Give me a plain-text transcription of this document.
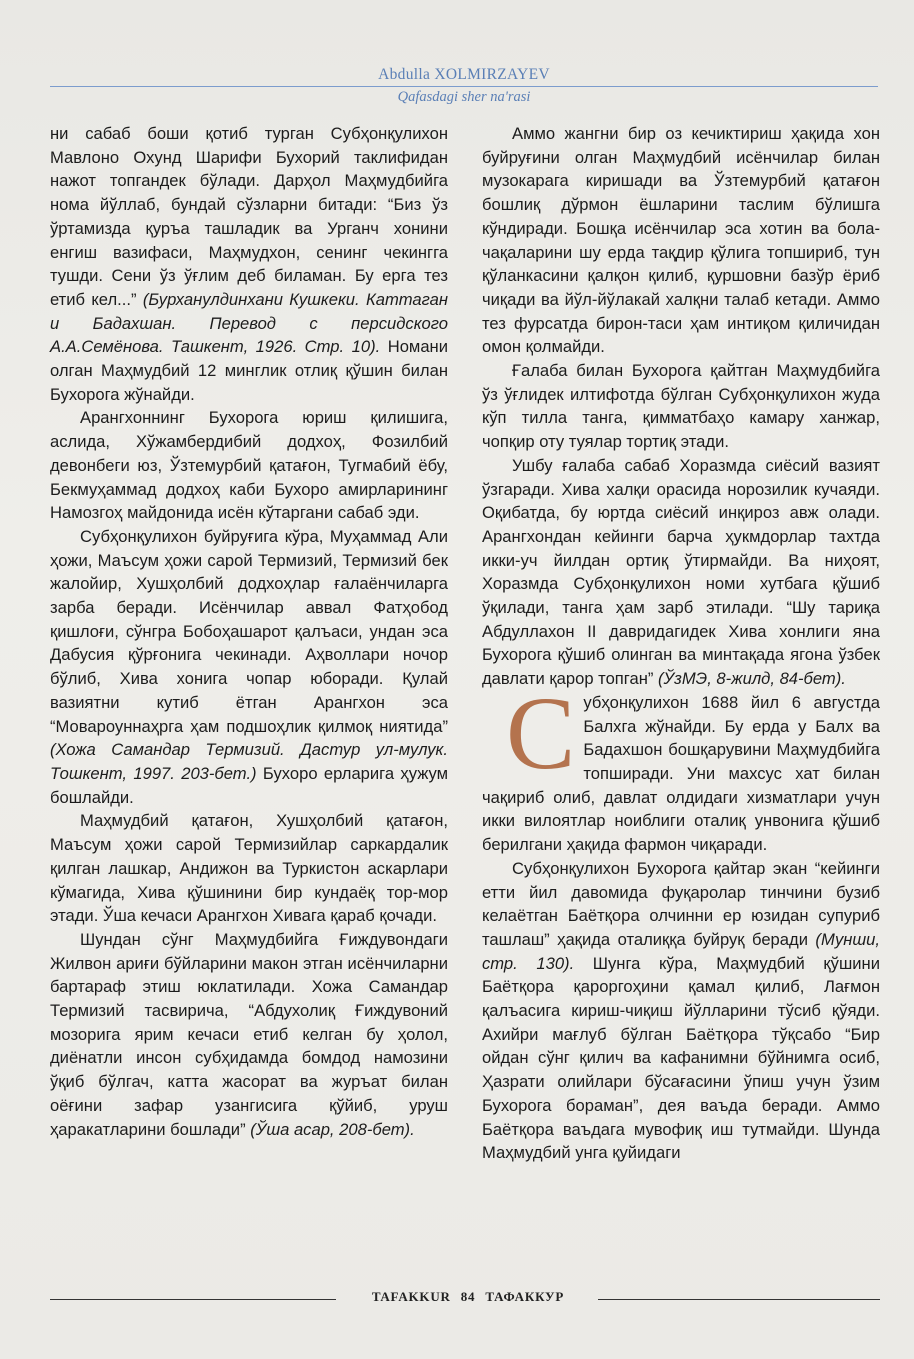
Abdulla XOLMIRZAYEV
Qafasdagi sher na'rasi

ни сабаб боши қотиб турган Субҳонқулихон Мавлоно Охунд Шарифи Бухорий таклифидан нажот топгандек бўлади. Дарҳол Маҳмудбийга нома йўллаб, бундай сўзларни битади: “Биз ўз ўртамизда қуръа ташладик ва Урганч хонини енгиш вазифаси, Маҳмудхон, сенинг чекингга тушди. Сени ўз ўғлим деб биламан. Бу ерга тез етиб кел...” (Бурханулдинхани Кушкеки. Каттаган и Бадахшан. Перевод с персидского А.А.Семёнова. Ташкент, 1926. Стр. 10). Номани олган Маҳмудбий 12 минглик отлиқ қўшин билан Бухорога жўнайди.

Арангхоннинг Бухорога юриш қилишига, аслида, Хўжамбердибий додхоҳ, Фозилбий девонбеги юз, Ўзтемурбий қатағон, Тугмабий ёбу, Бекмуҳаммад додхоҳ каби Бухоро амирларининг Намозгоҳ майдонида исён кўтаргани сабаб эди.

Субҳонқулихон буйруғига кўра, Муҳаммад Али ҳожи, Маъсум ҳожи сарой Термизий, Термизий бек жалойир, Хушҳолбий додхоҳлар ғалаёнчиларга зарба беради. Исёнчилар аввал Фатҳобод қишлоғи, сўнгра Бобоҳашарот қалъаси, ундан эса Дабусия қўрғонига чекинади. Аҳволлари ночор бўлиб, Хива хонига чопар юборади. Қулай вазиятни кутиб ётган Арангхон эса “Мовароуннаҳрга ҳам подшоҳлик қилмоқ ниятида” (Хожа Самандар Термизий. Дастур ул-мулук. Тошкент, 1997. 203-бет.) Бухоро ерларига ҳужум бошлайди.

Маҳмудбий қатағон, Хушҳолбий қатағон, Маъсум ҳожи сарой Термизийлар саркардалик қилган лашкар, Андижон ва Туркистон аскарлари кўмагида, Хива қўшинини бир кундаёқ тор-мор этади. Ўша кечаси Арангхон Хивага қараб қочади.

Шундан сўнг Маҳмудбийга Ғиждувондаги Жилвон ариғи бўйларини макон этган исёнчиларни бартараф этиш юклатилади. Хожа Самандар Термизий тасвирича, “Абдухолиқ Ғиждувоний мозорига ярим кечаси етиб келган бу ҳолол, диёнатли инсон субҳидамда бомдод намозини ўқиб бўлгач, катта жасорат ва журъат билан оёғини зафар узангисига қўйиб, уруш ҳаракатларини бошлади” (Ўша асар, 208-бет).

Аммо жангни бир оз кечиктириш ҳақида хон буйруғини олган Маҳмудбий исёнчилар билан музокарага киришади ва Ўзтемурбий қатағон бошлиқ дўрмон ёшларини таслим бўлишга кўндиради. Бошқа исёнчилар эса хотин ва бола-чақаларини шу ерда тақдир қўлига топшириб, тун қўланкасини қалқон қилиб, қуршовни базўр ёриб чиқади ва йўл-йўлакай халқни талаб кетади. Аммо тез фурсатда бирон-таси ҳам интиқом қиличидан омон қолмайди.

Ғалаба билан Бухорога қайтган Маҳмудбийга ўз ўғлидек илтифотда бўлган Субҳонқулихон жуда кўп тилла танга, қимматбаҳо камару ханжар, чопқир оту туялар тортиқ этади.

Ушбу ғалаба сабаб Хоразмда сиёсий вазият ўзгаради. Хива халқи орасида норозилик кучаяди. Оқибатда, бу юртда сиёсий инқироз авж олади. Арангхондан кейинги барча ҳукмдорлар тахтда икки-уч йилдан ортиқ ўтирмайди. Ва ниҳоят, Хоразмда Субҳонқулихон номи хутбага қўшиб ўқилади, танга ҳам зарб этилади. “Шу тариқа Абдуллахон II давридагидек Хива хонлиги яна Бухорога қўшиб олинган ва минтақада ягона ўзбек давлати қарор топган” (ЎзМЭ, 8-жилд, 84-бет).

Субҳонқулихон 1688 йил 6 августда Балхга жўнайди. Бу ерда у Балх ва Бадахшон бошқарувини Маҳмудбийга топширади. Уни махсус хат билан чақириб олиб, давлат олдидаги хизматлари учун икки вилоятлар ноиблиги оталиқ унвонига қўшиб берилгани ҳақида фармон чиқаради.

Субҳонқулихон Бухорога қайтар экан “кейинги етти йил давомида фуқаролар тинчини бузиб келаётган Баётқора олчинни ер юзидан супуриб ташлаш” ҳақида оталиққа буйруқ беради (Мунши, стр. 130). Шунга кўра, Маҳмудбий қўшини Баётқора қароргоҳини қамал қилиб, Лағмон қалъасига кириш-чиқиш йўлларини тўсиб қўяди. Ахийри мағлуб бўлган Баётқора тўқсабо “Бир ойдан сўнг қилич ва кафанимни бўйнимга осиб, Ҳазрати олийлари бўсағасини ўпиш учун ўзим Бухорога бораман”, дея ваъда беради. Аммо Баётқора ваъдага мувофиқ иш тутмайди. Шунда Маҳмудбий унга қуйидаги

TAFAKKUR 84 ТАФАККУР
